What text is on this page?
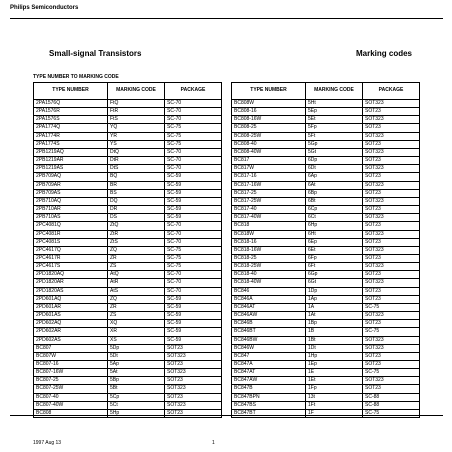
Philips Semiconductors
Small-signal Transistors	Marking codes
TYPE NUMBER TO MARKING CODE
TYPE NUMBER	MARKING CODE	PACKAGE
2PA1576Q	FtQ	SC-70
2PA1576R	FtR	SC-70
2PA1576S	FtS	SC-70
2PA1774Q	YQ	SC-75
2PA1774R	YR	SC-75
2PA1774S	YS	SC-75
2PB1219AQ	DtQ	SC-70
2PB1219AR	DtR	SC-70
2PB1219AS	DtS	SC-70
2PB709AQ	BQ	SC-59
2PB709AR	BR	SC-59
2PB709AS	BS	SC-59
2PB710AQ	DQ	SC-59
2PB710AR	DR	SC-59
2PB710AS	DS	SC-59
2PC4081Q	ZtQ	SC-70
2PC4081R	ZtR	SC-70
2PC4081S	ZtS	SC-70
2PC4617Q	ZQ	SC-75
2PC4617R	ZR	SC-75
2PC4617S	ZS	SC-75
2PD1820AQ	AtQ	SC-70
2PD1820AR	AtR	SC-70
2PD1820AS	AtS	SC-70
2PD601AQ	ZQ	SC-59
2PD601AR	ZR	SC-59
2PD601AS	ZS	SC-59
2PD602AQ	XQ	SC-59
2PD602AR	XR	SC-59
2PD602AS	XS	SC-59
BC807	5Dp	SOT23
BC807W	5Dt	SOT323
BC807-16	5Ap	SOT23
BC807-16W	5At	SOT323
BC807-25	5Bp	SOT23
BC807-25W	5Bt	SOT323
BC807-40	5Cp	SOT23
BC807-40W	5Ct	SOT323
BC808	5Hp	SOT23
TYPE NUMBER	MARKING CODE	PACKAGE
BC808W	5Ht	SOT323
BC808-16	5Ep	SOT23
BC808-16W	5Et	SOT323
BC808-25	5Fp	SOT23
BC808-25W	5Ft	SOT323
BC808-40	5Gp	SOT23
BC808-40W	5Gt	SOT323
BC817	6Dp	SOT23
BC817W	6Dt	SOT323
BC817-16	6Ap	SOT23
BC817-16W	6At	SOT323
BC817-25	6Bp	SOT23
BC817-25W	6Bt	SOT323
BC817-40	6Cp	SOT23
BC817-40W	6Ct	SOT323
BC818	6Hp	SOT23
BC818W	6Ht	SOT323
BC818-16	6Ep	SOT23
BC818-16W	6Et	SOT323
BC818-25	6Fp	SOT23
BC818-25W	6Ft	SOT323
BC818-40	6Gp	SOT23
BC818-40W	6Gt	SOT323
BC846	1Dp	SOT23
BC846A	1Ap	SOT23
BC846AT	1A	SC-75
BC846AW	1At	SOT323
BC846B	1Bp	SOT23
BC846BT	1B	SC-75
BC846BW	1Bt	SOT323
BC846W	1Dt	SOT323
BC847	1Hp	SOT23
BC847A	1Ep	SOT23
BC847AT	1E	SC-75
BC847AW	1Et	SOT323
BC847B	1Fp	SOT23
BC847BPN	13t	SC-88
BC847BS	1Ft	SC-88
BC847BT	1F	SC-75
1997 Aug 13	1
